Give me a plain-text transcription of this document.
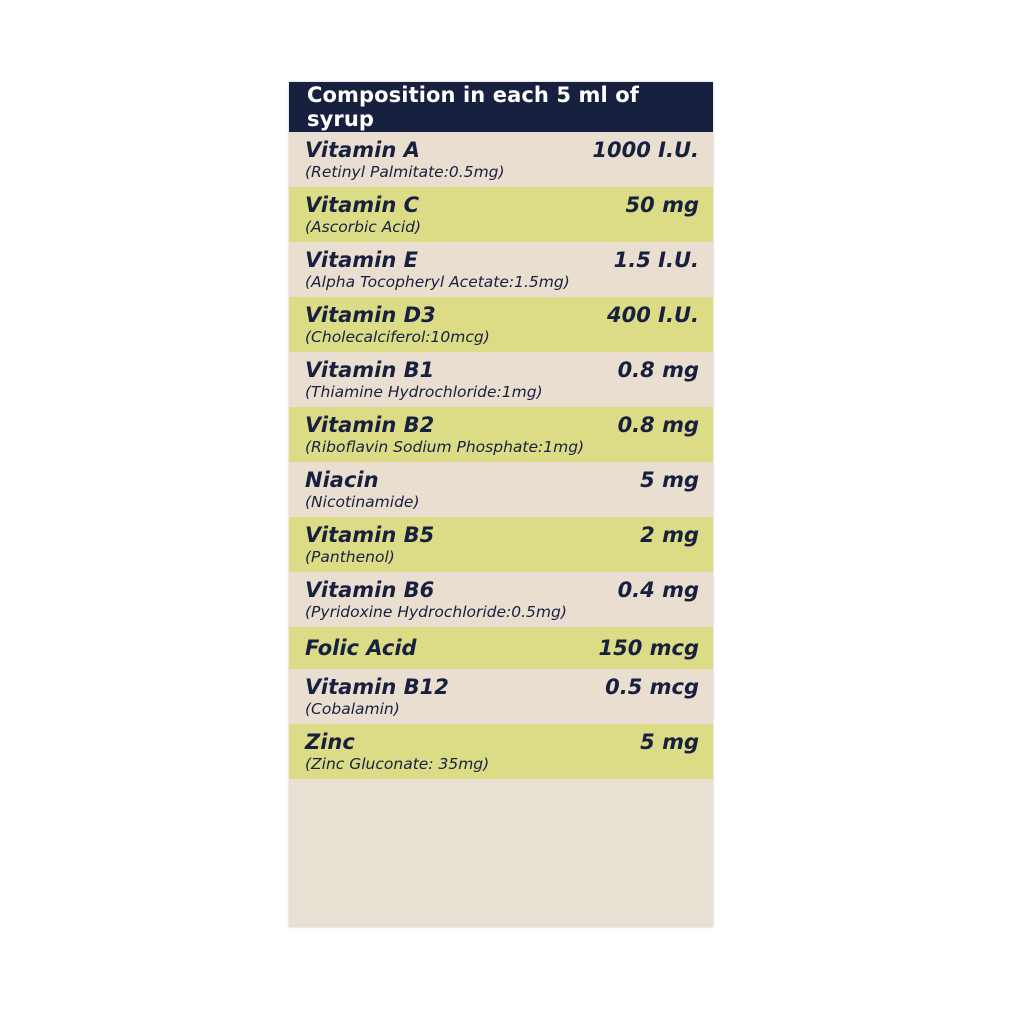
Composition in each 5 ml of syrup
Vitamin A	1000 I.U.
(Retinyl Palmitate:0.5mg)
Vitamin C	50 mg
(Ascorbic Acid)
Vitamin E	1.5 I.U.
(Alpha Tocopheryl Acetate:1.5mg)
Vitamin D3	400 I.U.
(Cholecalciferol:10mcg)
Vitamin B1	0.8 mg
(Thiamine Hydrochloride:1mg)
Vitamin B2	0.8 mg
(Riboflavin Sodium Phosphate:1mg)
Niacin	5 mg
(Nicotinamide)
Vitamin B5	2 mg
(Panthenol)
Vitamin B6	0.4 mg
(Pyridoxine Hydrochloride:0.5mg)
Folic Acid	150 mcg
Vitamin B12	0.5 mcg
(Cobalamin)
Zinc	5 mg
(Zinc Gluconate: 35mg)
